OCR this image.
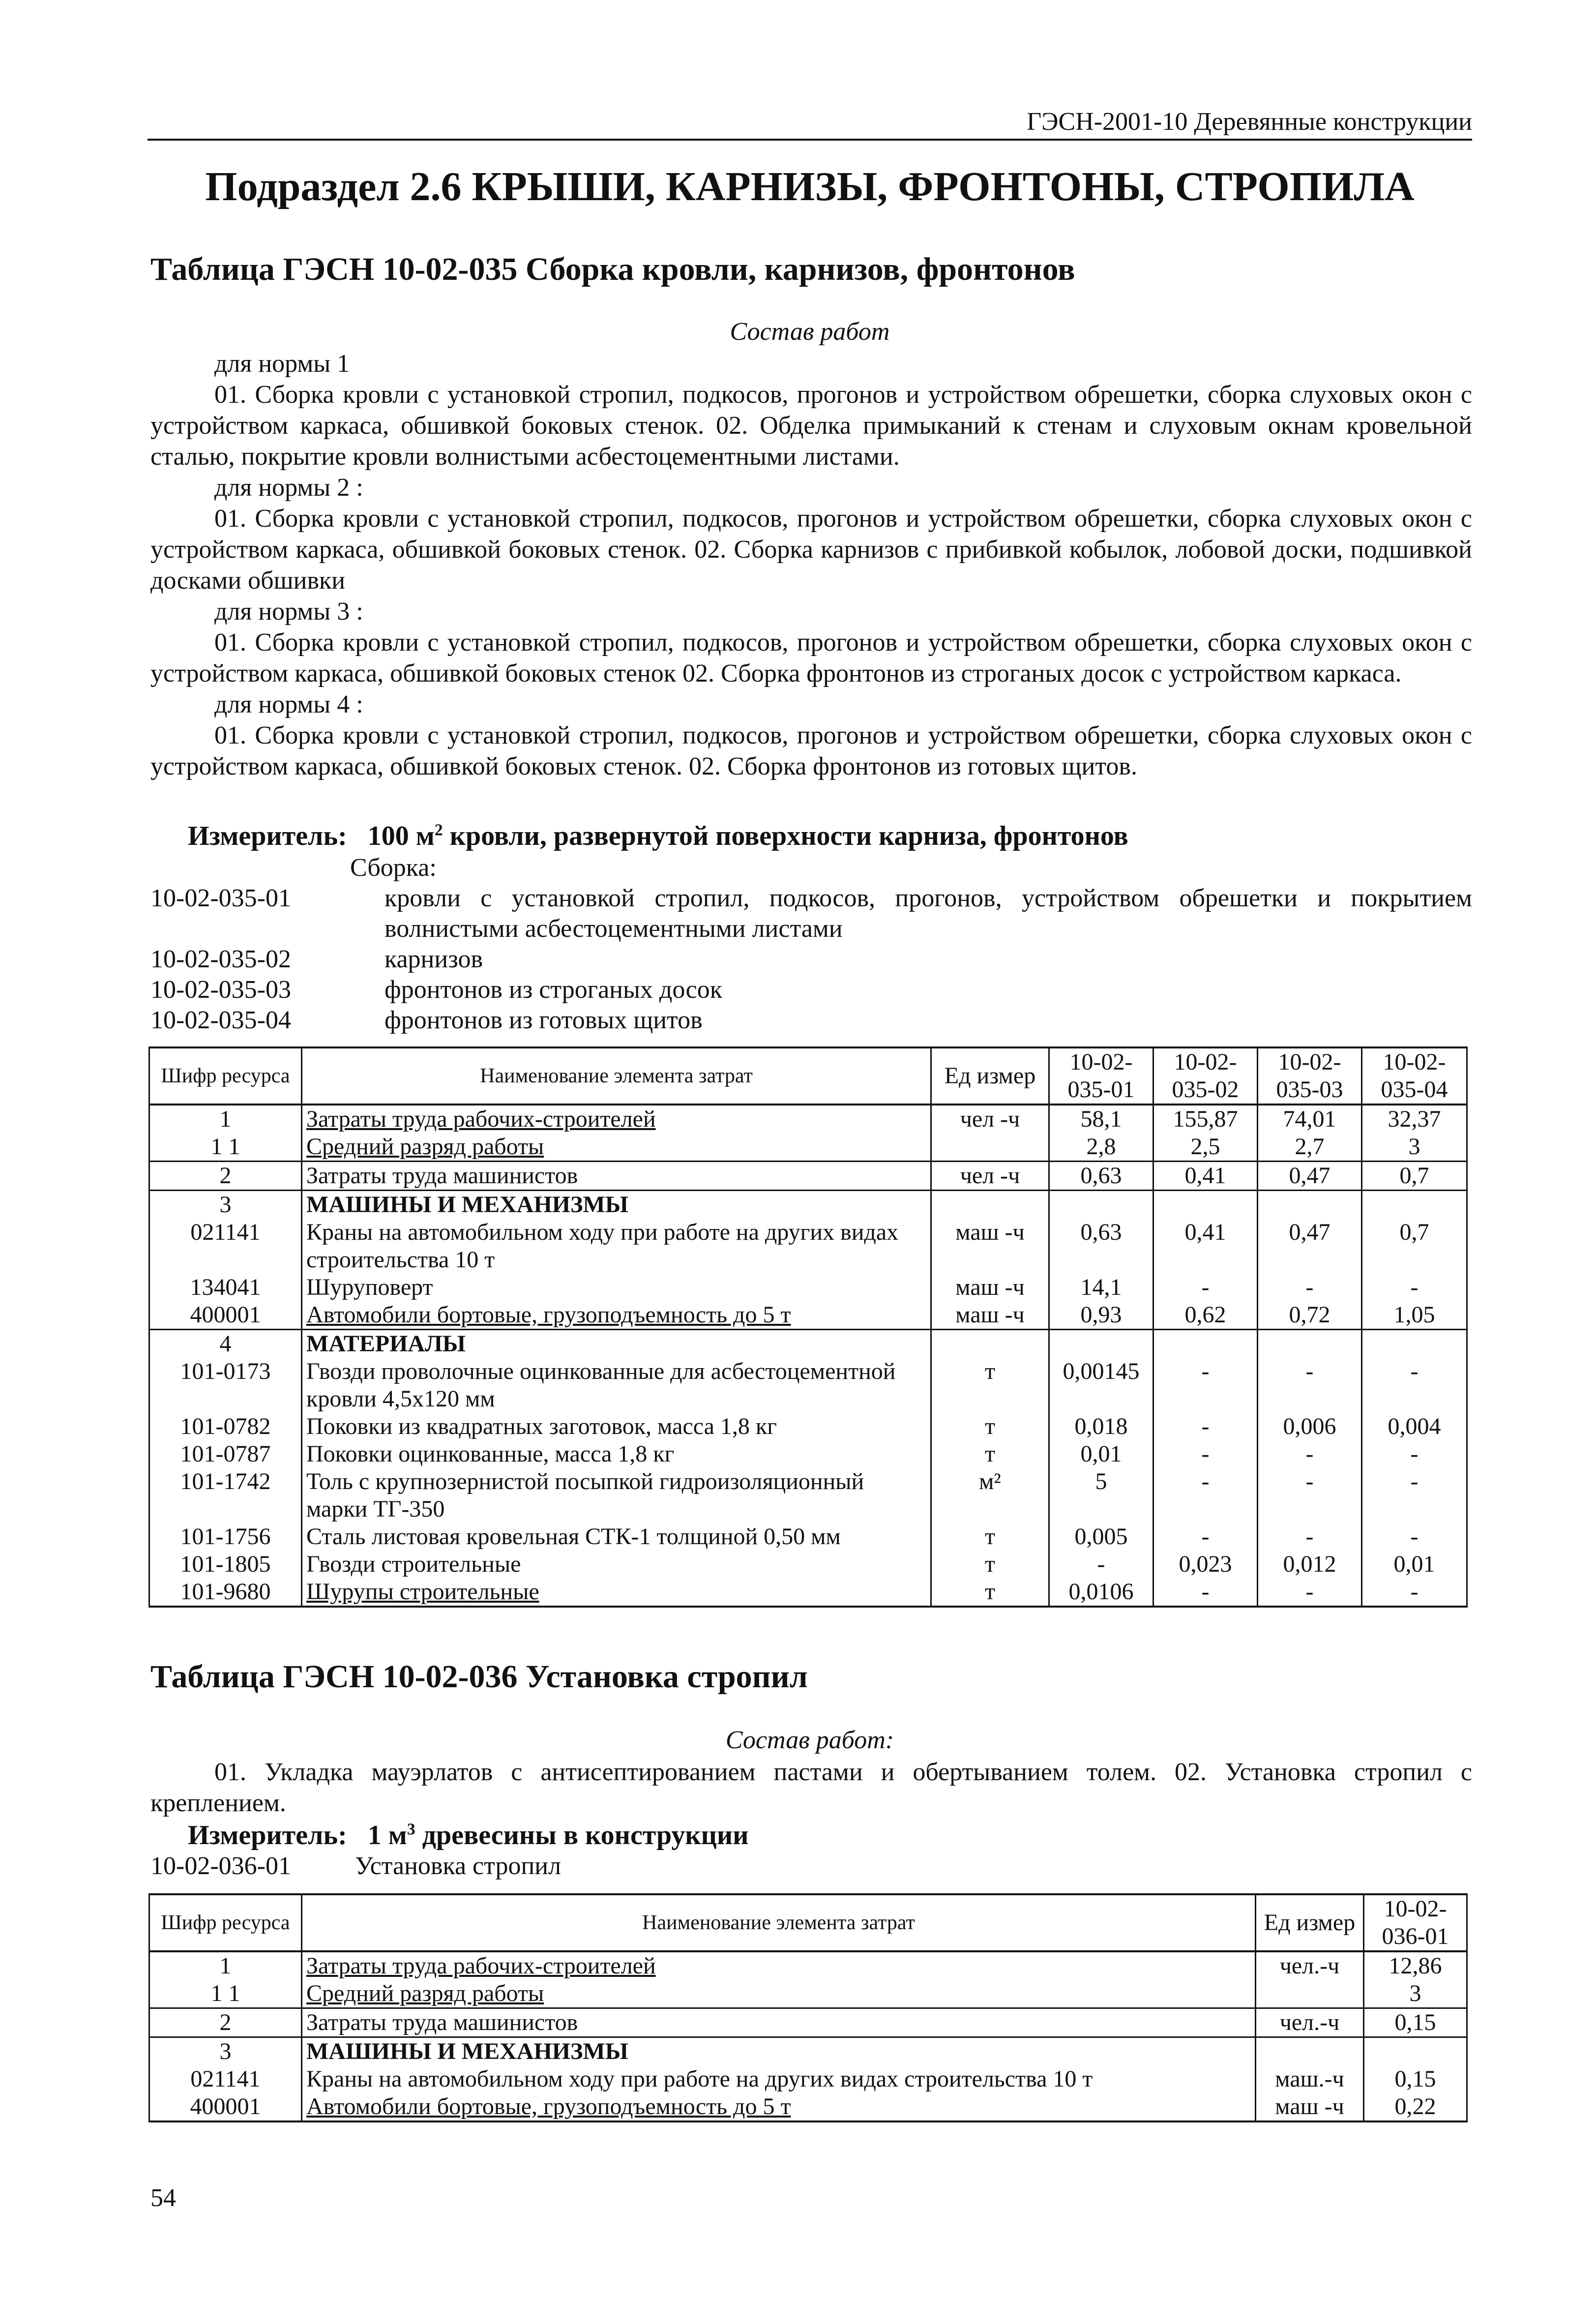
ГЭСН-2001-10 Деревянные конструкции
Подраздел 2.6 КРЫШИ, КАРНИЗЫ, ФРОНТОНЫ, СТРОПИЛА
Таблица ГЭСН 10-02-035 Сборка кровли, карнизов, фронтонов
Состав работ

для нормы 1

01. Сборка кровли с установкой стропил, подкосов, прогонов и устройством обрешетки, сборка слуховых окон с устройством каркаса, обшивкой боковых стенок. 02. Обделка примыканий к стенам и слуховым окнам кровельной сталью, покрытие кровли волнистыми асбестоцементными листами.

для нормы 2 :

01. Сборка кровли с установкой стропил, подкосов, прогонов и устройством обрешетки, сборка слуховых окон с устройством каркаса, обшивкой боковых стенок. 02. Сборка карнизов с прибивкой кобылок, лобовой доски, подшивкой досками обшивки

для нормы 3 :

01. Сборка кровли с установкой стропил, подкосов, прогонов и устройством обрешетки, сборка слуховых окон с устройством каркаса, обшивкой боковых стенок 02. Сборка фронтонов из строганых досок с устройством каркаса.

для нормы 4 :

01. Сборка кровли с установкой стропил, подкосов, прогонов и устройством обрешетки, сборка слуховых окон с устройством каркаса, обшивкой боковых стенок. 02. Сборка фронтонов из готовых щитов.

Измеритель: 100 $м^2$ кровли, развернутой поверхности карниза, фронтонов
Сборка:
10-02-035-01	кровли с установкой стропил, подкосов, прогонов, устройством обрешетки и покрытием волнистыми асбестоцементными листами
10-02-035-02	карнизов
10-02-035-03	фронтонов из строганых досок
10-02-035-04	фронтонов из готовых щитов
Шифр ресурса	Наименование элемента затрат	Ед измер	10-02-035-01	10-02-035-02	10-02-035-03	10-02-035-04
1	Затраты труда рабочих-строителей	чел -ч	58,1	155,87	74,01	32,37
1 1	Средний разряд работы		2,8	2,5	2,7	3
2	Затраты труда машинистов	чел -ч	0,63	0,41	0,47	0,7
3	МАШИНЫ И МЕХАНИЗМЫ					
021141	Краны на автомобильном ходу при работе на других видах строительства 10 т	маш -ч	0,63	0,41	0,47	0,7
134041	Шуруповерт	маш -ч	14,1	-	-	-
400001	Автомобили бортовые, грузоподъемность до 5 т	маш -ч	0,93	0,62	0,72	1,05
4	МАТЕРИАЛЫ					
101-0173	Гвозди проволочные оцинкованные для асбестоцементной кровли 4,5x120 мм	т	0,00145	-	-	-
101-0782	Поковки из квадратных заготовок, масса 1,8 кг	т	0,018	-	0,006	0,004
101-0787	Поковки оцинкованные, масса 1,8 кг	т	0,01	-	-	-
101-1742	Толь с крупнозернистой посыпкой гидроизоляционный марки ТГ-350	м²	5	-	-	-
101-1756	Сталь листовая кровельная СТК-1 толщиной 0,50 мм	т	0,005	-	-	-
101-1805	Гвозди строительные	т	-	0,023	0,012	0,01
101-9680	Шурупы строительные	т	0,0106	-	-	-
Таблица ГЭСН 10-02-036 Установка стропил
Состав работ:

01. Укладка мауэрлатов с антисептированием пастами и обертыванием толем. 02. Установка стропил с креплением.

Измеритель: 1 $м^3$ древесины в конструкции
10-02-036-01	Установка стропил
Шифр ресурса	Наименование элемента затрат	Ед измер	10-02-036-01
1	Затраты труда рабочих-строителей	чел.-ч	12,86
1 1	Средний разряд работы		3
2	Затраты труда машинистов	чел.-ч	0,15
3	МАШИНЫ И МЕХАНИЗМЫ		
021141	Краны на автомобильном ходу при работе на других видах строительства 10 т	маш.-ч	0,15
400001	Автомобили бортовые, грузоподъемность до 5 т	маш -ч	0,22
54
